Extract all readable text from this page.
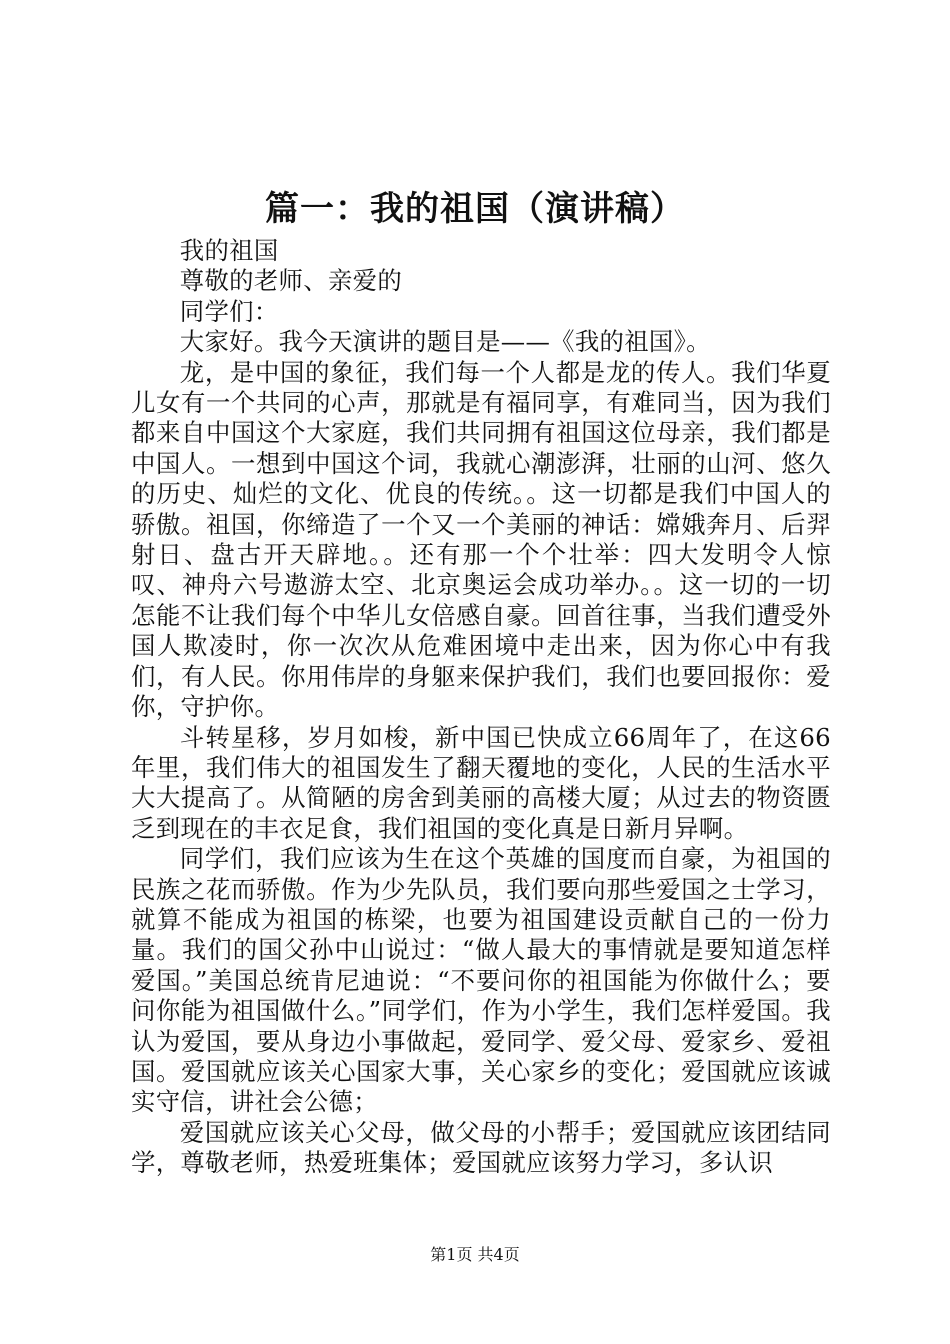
篇一：我的祖国（演讲稿）

我的祖国

尊敬的老师、亲爱的

同学们：

大家好。我今天演讲的题目是——《我的祖国》。

龙，是中国的象征，我们每一个人都是龙的传人。我们华夏儿女有一个共同的心声，那就是有福同享，有难同当，因为我们都来自中国这个大家庭，我们共同拥有祖国这位母亲，我们都是中国人。一想到中国这个词，我就心潮澎湃，壮丽的山河、悠久的历史、灿烂的文化、优良的传统。。这一切都是我们中国人的骄傲。祖国，你缔造了一个又一个美丽的神话：嫦娥奔月、后羿射日、盘古开天辟地。。还有那一个个壮举：四大发明令人惊叹、神舟六号遨游太空、北京奥运会成功举办。。这一切的一切怎能不让我们每个中华儿女倍感自豪。回首往事，当我们遭受外国人欺凌时，你一次次从危难困境中走出来，因为你心中有我们，有人民。你用伟岸的身躯来保护我们，我们也要回报你：爱你，守护你。

斗转星移，岁月如梭，新中国已快成立66周年了，在这66年里，我们伟大的祖国发生了翻天覆地的变化，人民的生活水平大大提高了。从简陋的房舍到美丽的高楼大厦；从过去的物资匮乏到现在的丰衣足食，我们祖国的变化真是日新月异啊。

同学们，我们应该为生在这个英雄的国度而自豪，为祖国的民族之花而骄傲。作为少先队员，我们要向那些爱国之士学习，就算不能成为祖国的栋梁，也要为祖国建设贡献自己的一份力量。我们的国父孙中山说过：“做人最大的事情就是要知道怎样爱国。”美国总统肯尼迪说：“不要问你的祖国能为你做什么；要问你能为祖国做什么。”同学们，作为小学生，我们怎样爱国。我认为爱国，要从身边小事做起，爱同学、爱父母、爱家乡、爱祖国。爱国就应该关心国家大事，关心家乡的变化；爱国就应该诚实守信，讲社会公德；

爱国就应该关心父母，做父母的小帮手；爱国就应该团结同学，尊敬老师，热爱班集体；爱国就应该努力学习，多认识

第1页 共4页
